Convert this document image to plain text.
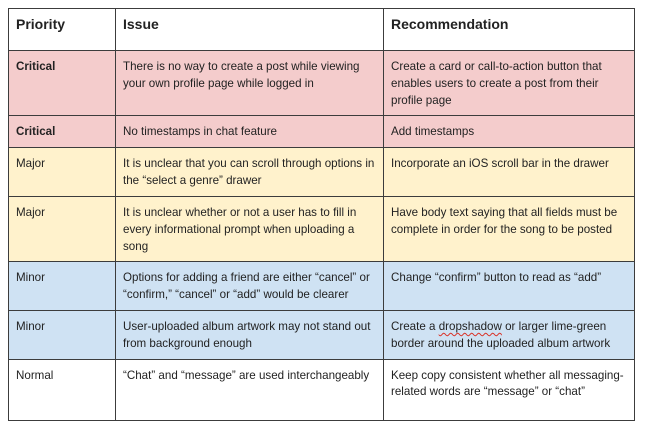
Priority	Issue	Recommendation
Critical	There is no way to create a post while viewing your own profile page while logged in	Create a card or call-to-action button that enables users to create a post from their profile page
Critical	No timestamps in chat feature	Add timestamps
Major	It is unclear that you can scroll through options in the “select a genre” drawer	Incorporate an iOS scroll bar in the drawer
Major	It is unclear whether or not a user has to fill in every informational prompt when uploading a song	Have body text saying that all fields must be complete in order for the song to be posted
Minor	Options for adding a friend are either “cancel” or “confirm,” “cancel” or “add” would be clearer	Change “confirm” button to read as “add”
Minor	User-uploaded album artwork may not stand out from background enough	Create a dropshadow or larger lime-green border around the uploaded album artwork
Normal	“Chat” and “message” are used interchangeably	Keep copy consistent whether all messaging-related words are “message” or “chat”
